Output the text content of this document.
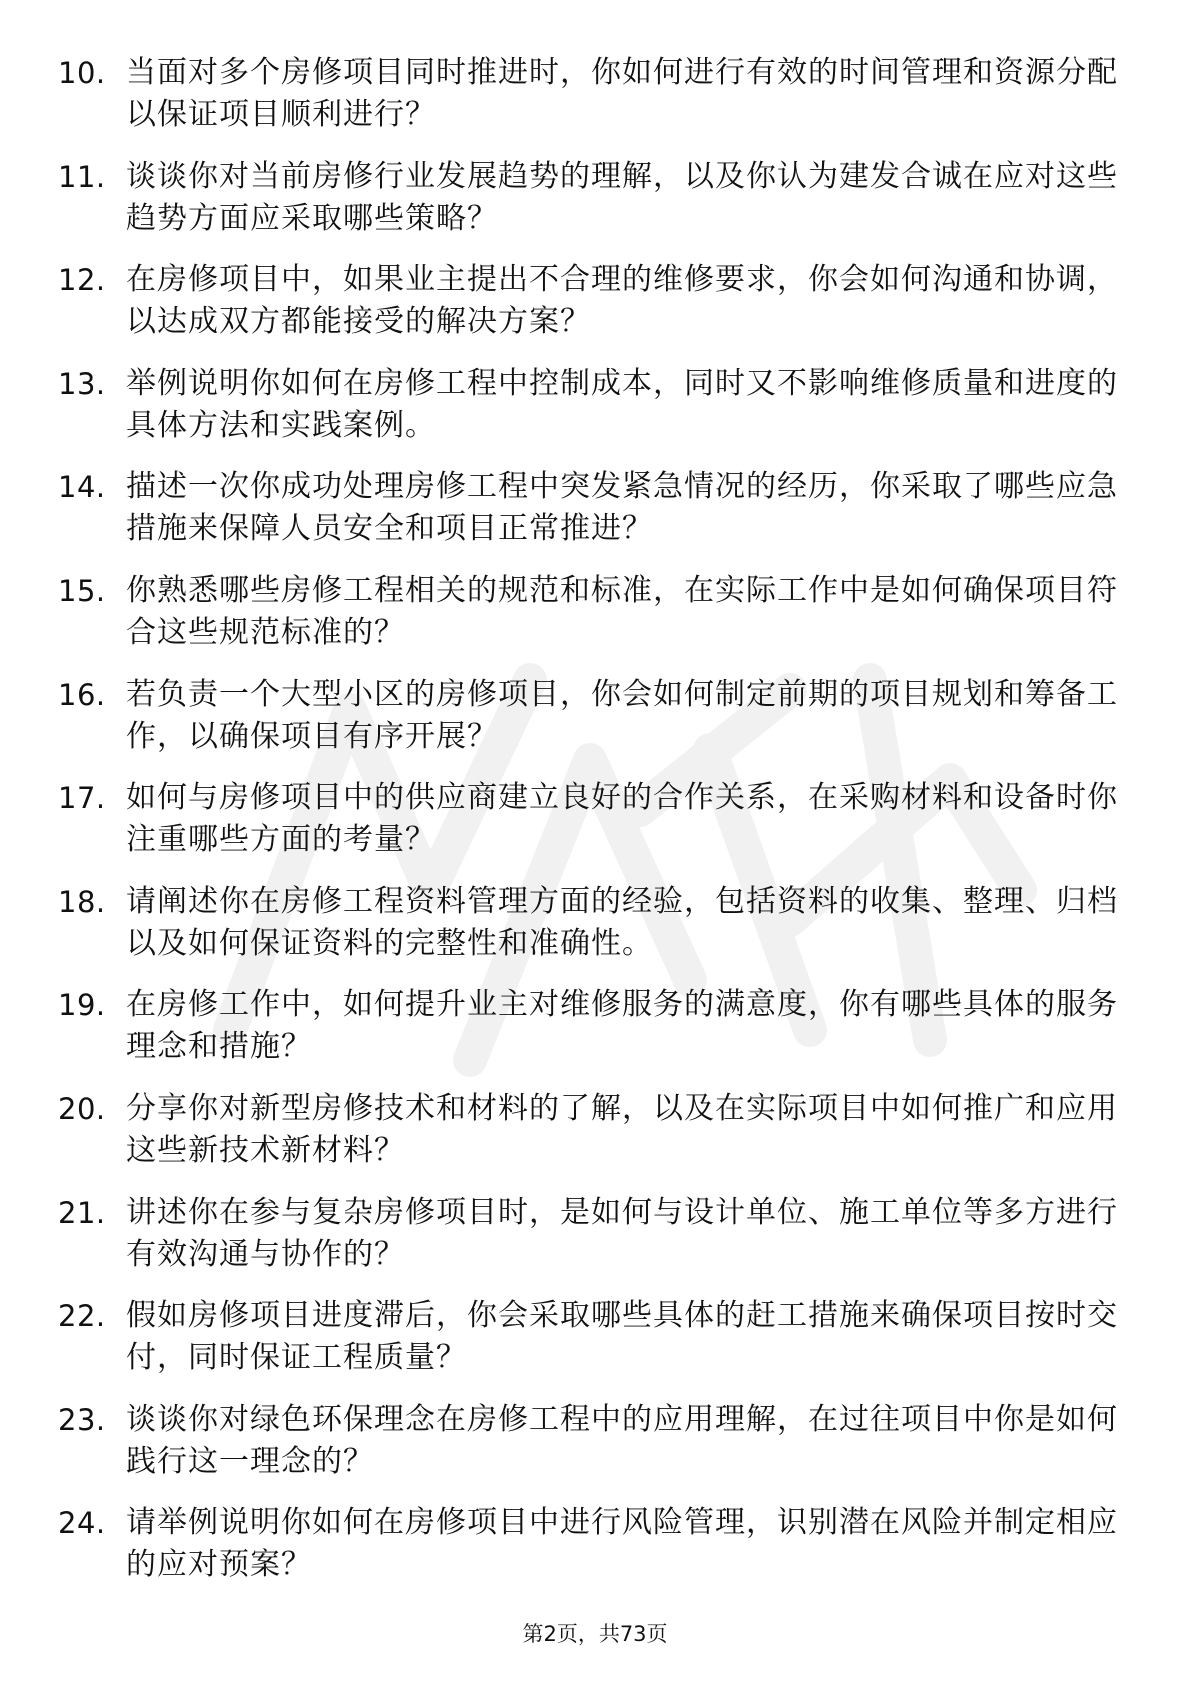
10. 当面对多个房修项目同时推进时，你如何进行有效的时间管理和资源分配以保证项目顺利进行？
11. 谈谈你对当前房修行业发展趋势的理解，以及你认为建发合诚在应对这些趋势方面应采取哪些策略？
12. 在房修项目中，如果业主提出不合理的维修要求，你会如何沟通和协调，以达成双方都能接受的解决方案？
13. 举例说明你如何在房修工程中控制成本，同时又不影响维修质量和进度的具体方法和实践案例。
14. 描述一次你成功处理房修工程中突发紧急情况的经历，你采取了哪些应急措施来保障人员安全和项目正常推进？
15. 你熟悉哪些房修工程相关的规范和标准，在实际工作中是如何确保项目符合这些规范标准的？
16. 若负责一个大型小区的房修项目，你会如何制定前期的项目规划和筹备工作，以确保项目有序开展？
17. 如何与房修项目中的供应商建立良好的合作关系，在采购材料和设备时你注重哪些方面的考量？
18. 请阐述你在房修工程资料管理方面的经验，包括资料的收集、整理、归档以及如何保证资料的完整性和准确性。
19. 在房修工作中，如何提升业主对维修服务的满意度，你有哪些具体的服务理念和措施？
20. 分享你对新型房修技术和材料的了解，以及在实际项目中如何推广和应用这些新技术新材料？
21. 讲述你在参与复杂房修项目时，是如何与设计单位、施工单位等多方进行有效沟通与协作的？
22. 假如房修项目进度滞后，你会采取哪些具体的赶工措施来确保项目按时交付，同时保证工程质量？
23. 谈谈你对绿色环保理念在房修工程中的应用理解，在过往项目中你是如何践行这一理念的？
24. 请举例说明你如何在房修项目中进行风险管理，识别潜在风险并制定相应的应对预案？
第2页，共73页
